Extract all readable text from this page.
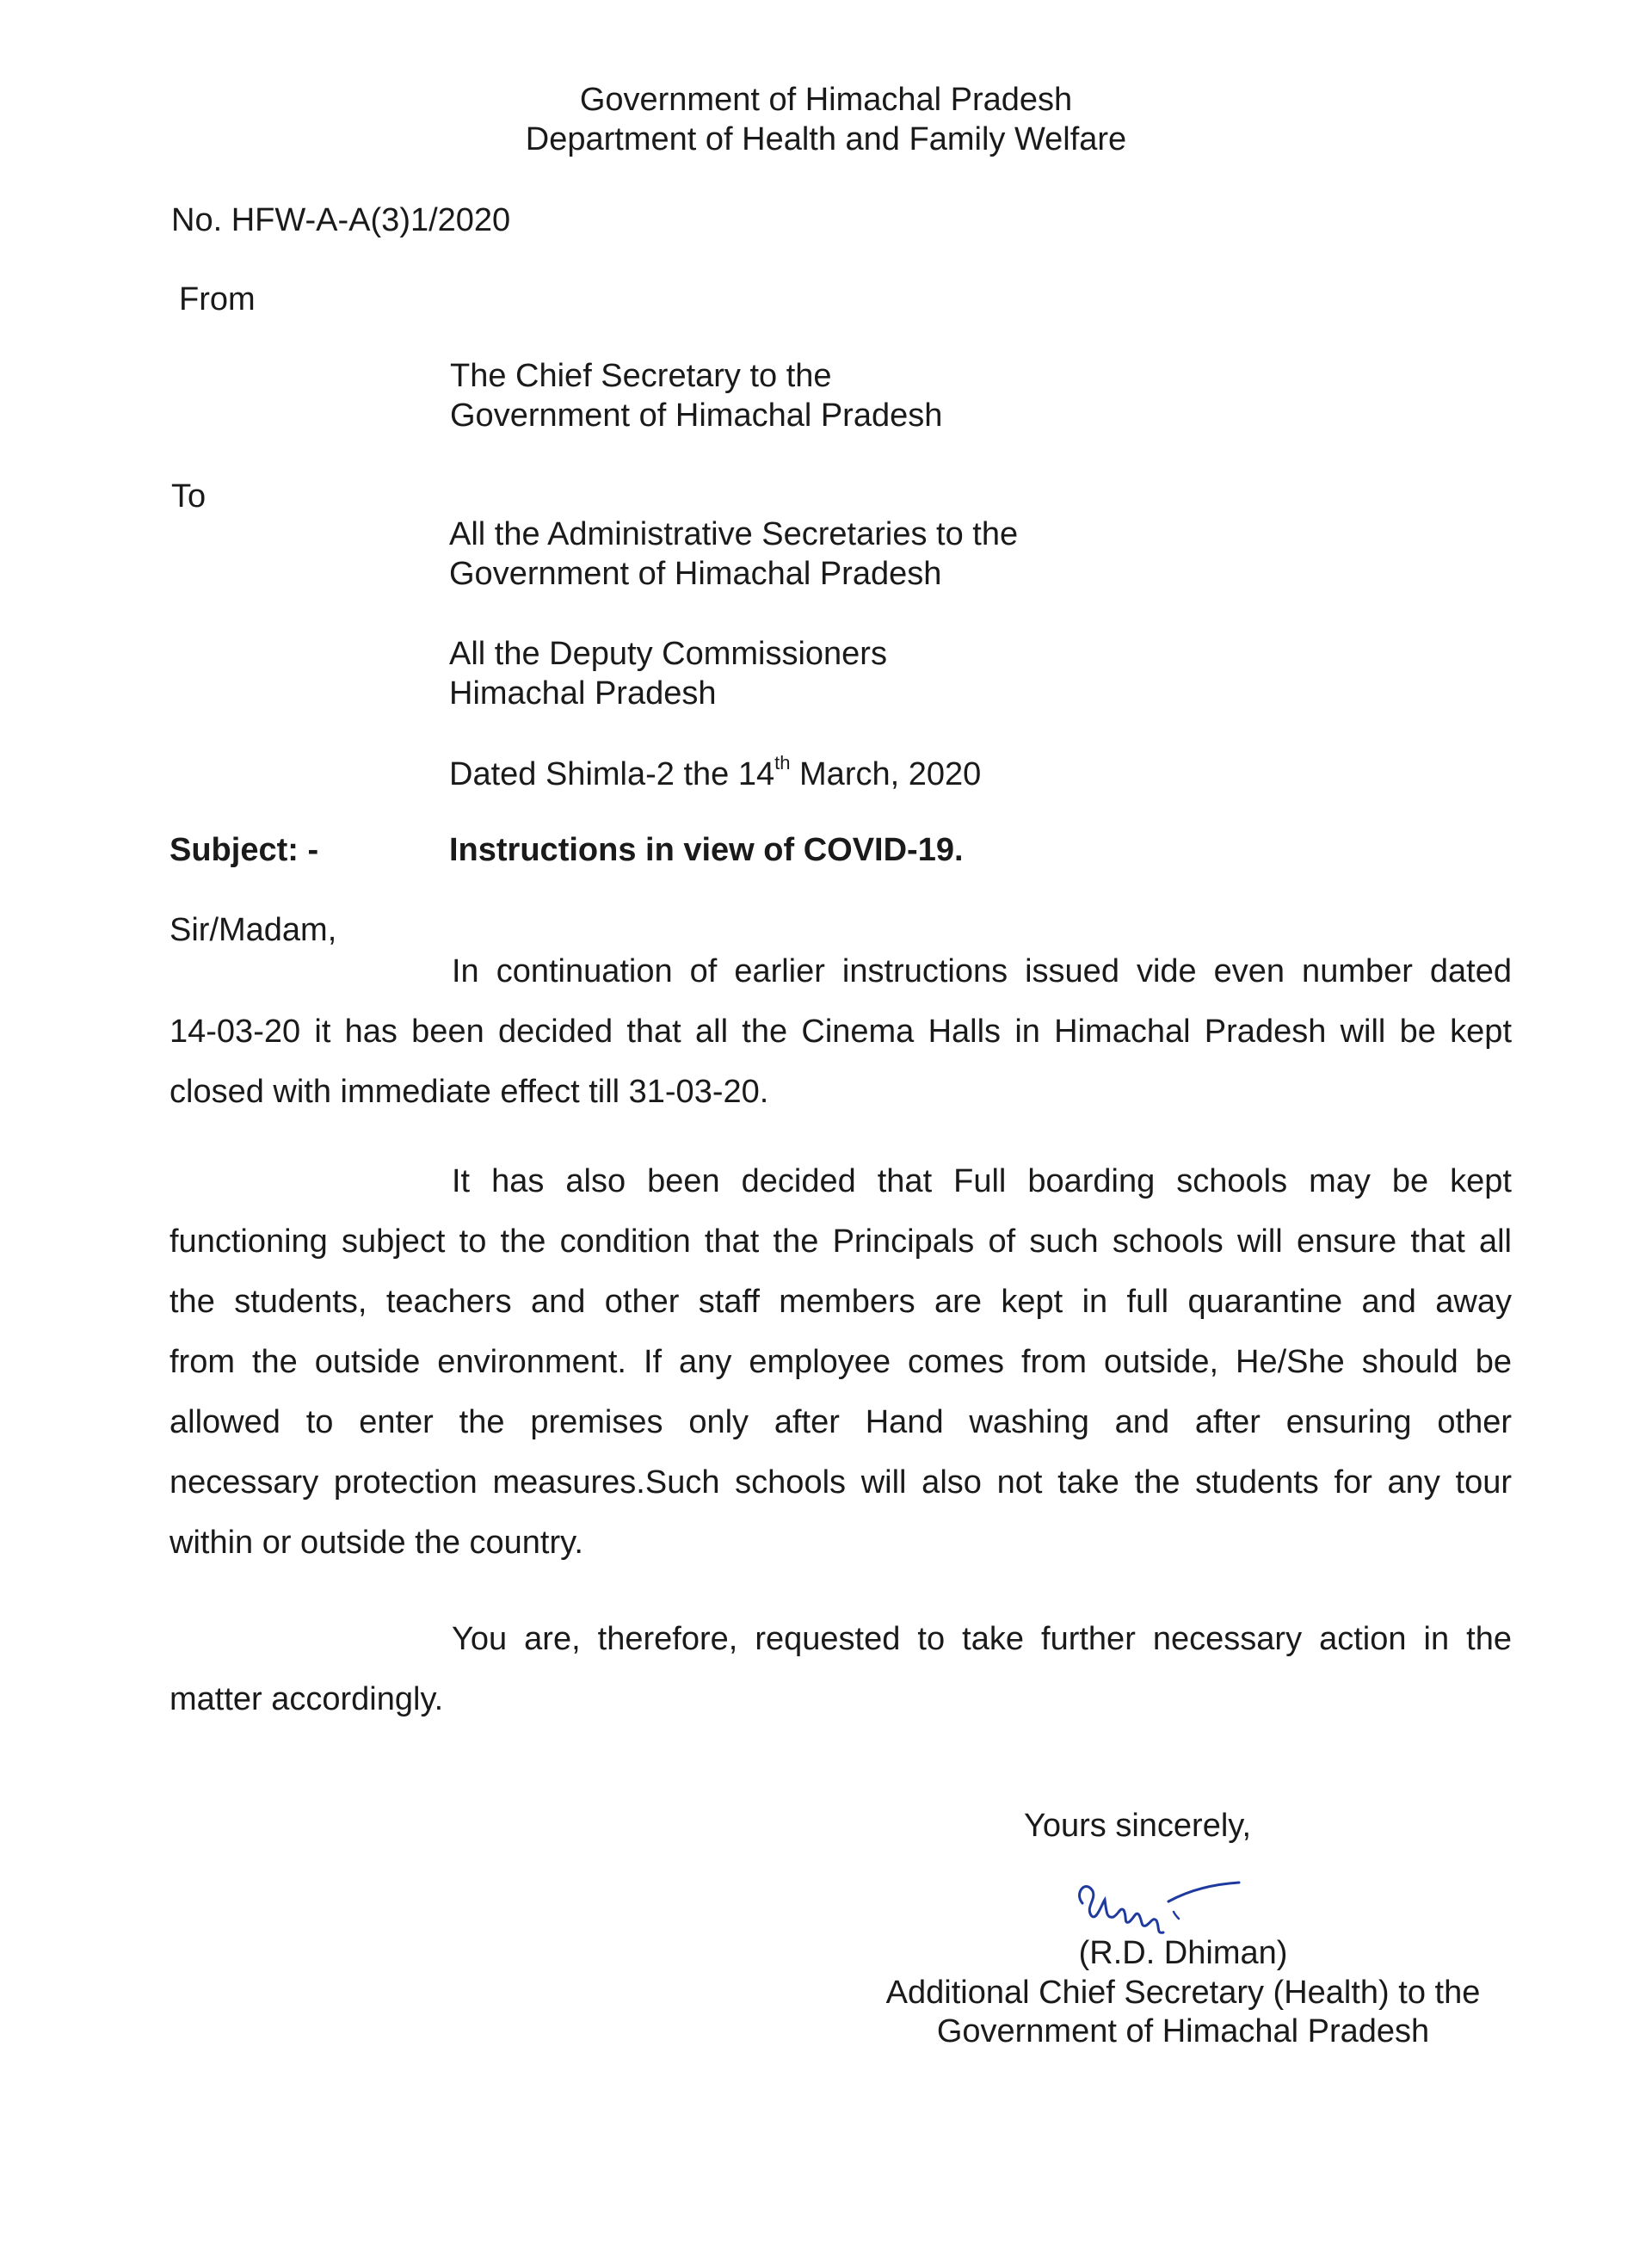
Government of Himachal Pradesh
Department of Health and Family Welfare
No. HFW-A-A(3)1/2020
From
The Chief Secretary to the
Government of Himachal Pradesh
To
All the Administrative Secretaries to the
Government of Himachal Pradesh
All the Deputy Commissioners
Himachal Pradesh
Dated Shimla-2 the 14th March, 2020
Subject: -	Instructions in view of COVID-19.
Sir/Madam,
In continuation of earlier instructions issued vide even number dated
14-03-20 it has been decided that all the Cinema Halls in Himachal Pradesh will be kept
closed with immediate effect till 31-03-20.
It has also been decided that Full boarding schools may be kept
functioning subject to the condition that the Principals of such schools will ensure that all
the students, teachers and other staff members are kept in full quarantine and away
from the outside environment. If any employee comes from outside, He/She should be
allowed to enter the premises only after Hand washing and after ensuring other
necessary protection measures.Such schools will also not take the students for any tour
within or outside the country.
You are, therefore, requested to take further necessary action in the
matter accordingly.
Yours sincerely,
(R.D. Dhiman)
Additional Chief Secretary (Health) to the
Government of Himachal Pradesh
